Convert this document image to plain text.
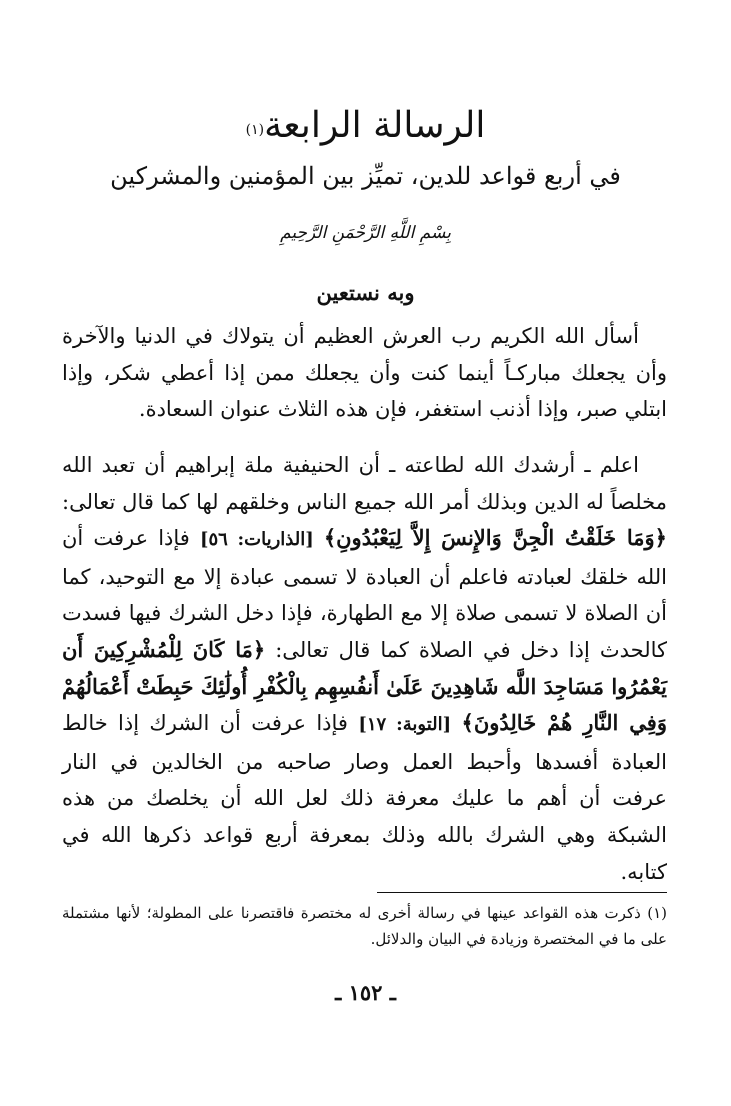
الرسالة الرابعة$^{(١)}$
في أربع قواعد للدين، تميِّز بين المؤمنين والمشركين
بِسْمِ اللَّهِ الرَّحْمَنِ الرَّحِيمِ
وبه نستعين
أسأل الله الكريم رب العرش العظيم أن يتولاك في الدنيا والآخرة وأن يجعلك مباركـاً أينما كنت وأن يجعلك ممن إذا أعطي شكر، وإذا ابتلي صبر، وإذا أذنب استغفر، فإن هذه الثلاث عنوان السعادة.
اعلم ـ أرشدك الله لطاعته ـ أن الحنيفية ملة إبراهيم أن تعبد الله مخلصاً له الدين وبذلك أمر الله جميع الناس وخلقهم لها كما قال تعالى: ﴿وَمَا خَلَقْتُ الْجِنَّ وَالإِنسَ إِلاَّ لِيَعْبُدُونِ﴾ [الذاريات: ٥٦] فإذا عرفت أن الله خلقك لعبادته فاعلم أن العبادة لا تسمى عبادة إلا مع التوحيد، كما أن الصلاة لا تسمى صلاة إلا مع الطهارة، فإذا دخل الشرك فيها فسدت كالحدث إذا دخل في الصلاة كما قال تعالى: ﴿مَا كَانَ لِلْمُشْرِكِينَ أَن يَعْمُرُوا مَسَاجِدَ اللَّه شَاهِدِينَ عَلَىٰ أَنفُسِهِم بِالْكُفْرِ أُولَٰئِكَ حَبِطَتْ أَعْمَالُهُمْ وَفِي النَّارِ هُمْ خَالِدُونَ﴾ [التوبة: ١٧] فإذا عرفت أن الشرك إذا خالط العبادة أفسدها وأحبط العمل وصار صاحبه من الخالدين في النار عرفت أن أهم ما عليك معرفة ذلك لعل الله أن يخلصك من هذه الشبكة وهي الشرك بالله وذلك بمعرفة أربع قواعد ذكرها الله في كتابه.
(١) ذكرت هذه القواعد عينها في رسالة أخرى له مختصرة فاقتصرنا على المطولة؛ لأنها مشتملة على ما في المختصرة وزيادة في البيان والدلائل.
ـ ١٥٢ ـ
